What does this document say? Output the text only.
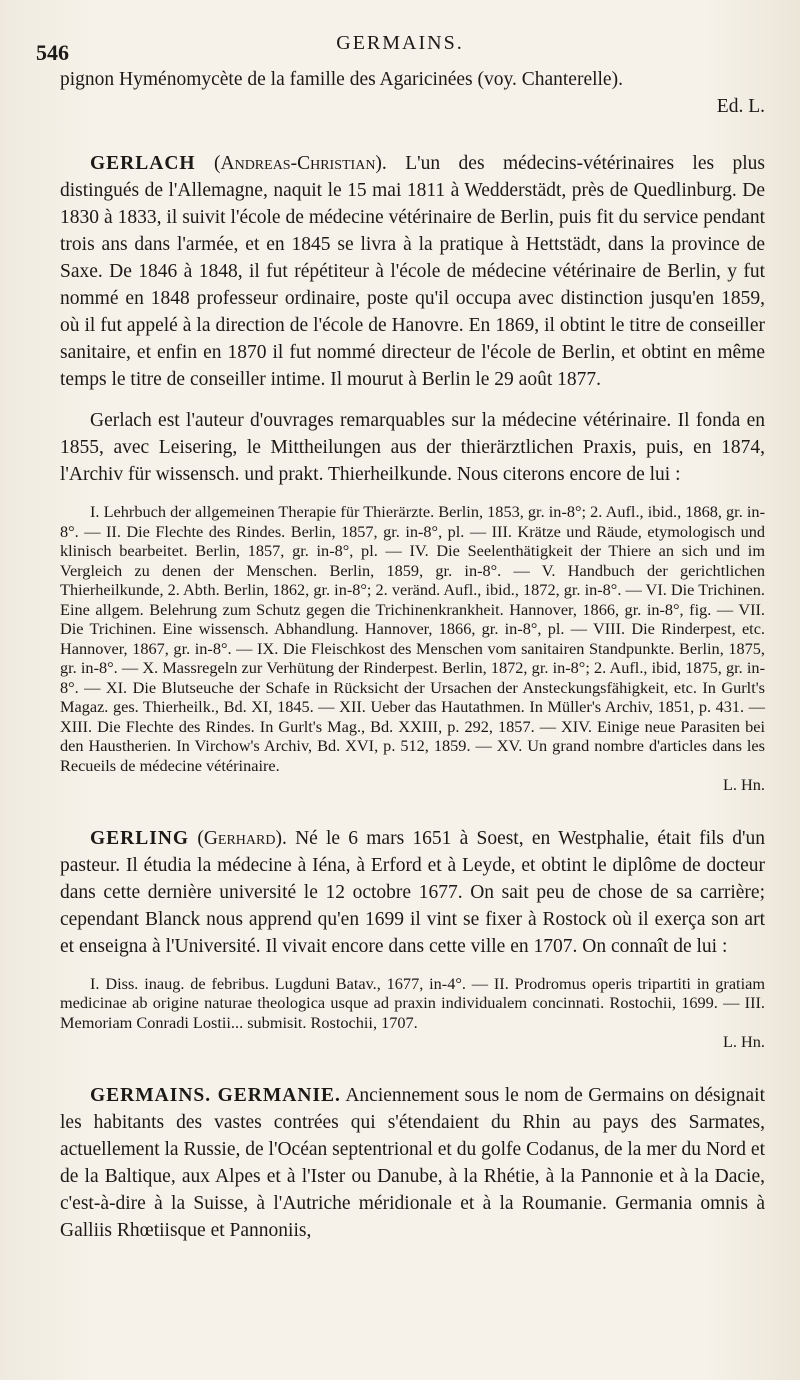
546	GERMAINS.

pignon Hyménomycète de la famille des Agaricinées (voy. Chanterelle).

Ed. L.

GERLACH (Andreas-Christian). L'un des médecins-vétérinaires les plus distingués de l'Allemagne, naquit le 15 mai 1811 à Wedderstädt, près de Quedlinburg. De 1830 à 1833, il suivit l'école de médecine vétérinaire de Berlin, puis fit du service pendant trois ans dans l'armée, et en 1845 se livra à la pratique à Hettstädt, dans la province de Saxe. De 1846 à 1848, il fut répétiteur à l'école de médecine vétérinaire de Berlin, y fut nommé en 1848 professeur ordinaire, poste qu'il occupa avec distinction jusqu'en 1859, où il fut appelé à la direction de l'école de Hanovre. En 1869, il obtint le titre de conseiller sanitaire, et enfin en 1870 il fut nommé directeur de l'école de Berlin, et obtint en même temps le titre de conseiller intime. Il mourut à Berlin le 29 août 1877.

Gerlach est l'auteur d'ouvrages remarquables sur la médecine vétérinaire. Il fonda en 1855, avec Leisering, le Mittheilungen aus der thierärztlichen Praxis, puis, en 1874, l'Archiv für wissensch. und prakt. Thierheilkunde. Nous citerons encore de lui :

I. Lehrbuch der allgemeinen Therapie für Thierärzte. Berlin, 1853, gr. in-8°; 2. Aufl., ibid., 1868, gr. in-8°. — II. Die Flechte des Rindes. Berlin, 1857, gr. in-8°, pl. — III. Krätze und Räude, etymologisch und klinisch bearbeitet. Berlin, 1857, gr. in-8°, pl. — IV. Die Seelenthätigkeit der Thiere an sich und im Vergleich zu denen der Menschen. Berlin, 1859, gr. in-8°. — V. Handbuch der gerichtlichen Thierheilkunde, 2. Abth. Berlin, 1862, gr. in-8°; 2. veränd. Aufl., ibid., 1872, gr. in-8°. — VI. Die Trichinen. Eine allgem. Belehrung zum Schutz gegen die Trichinenkrankheit. Hannover, 1866, gr. in-8°, fig. — VII. Die Trichinen. Eine wissensch. Abhandlung. Hannover, 1866, gr. in-8°, pl. — VIII. Die Rinderpest, etc. Hannover, 1867, gr. in-8°. — IX. Die Fleischkost des Menschen vom sanitairen Standpunkte. Berlin, 1875, gr. in-8°. — X. Massregeln zur Verhütung der Rinderpest. Berlin, 1872, gr. in-8°; 2. Aufl., ibid, 1875, gr. in-8°. — XI. Die Blutseuche der Schafe in Rücksicht der Ursachen der Ansteckungsfähigkeit, etc. In Gurlt's Magaz. ges. Thierheilk., Bd. XI, 1845. — XII. Ueber das Hautathmen. In Müller's Archiv, 1851, p. 431. — XIII. Die Flechte des Rindes. In Gurlt's Mag., Bd. XXIII, p. 292, 1857. — XIV. Einige neue Parasiten bei den Haustherien. In Virchow's Archiv, Bd. XVI, p. 512, 1859. — XV. Un grand nombre d'articles dans les Recueils de médecine vétérinaire.

L. Hn.

GERLING (Gerhard). Né le 6 mars 1651 à Soest, en Westphalie, était fils d'un pasteur. Il étudia la médecine à Iéna, à Erford et à Leyde, et obtint le diplôme de docteur dans cette dernière université le 12 octobre 1677. On sait peu de chose de sa carrière; cependant Blanck nous apprend qu'en 1699 il vint se fixer à Rostock où il exerça son art et enseigna à l'Université. Il vivait encore dans cette ville en 1707. On connaît de lui :

I. Diss. inaug. de febribus. Lugduni Batav., 1677, in-4°. — II. Prodromus operis tripartiti in gratiam medicinae ab origine naturae theologica usque ad praxin individualem concinnati. Rostochii, 1699. — III. Memoriam Conradi Lostii... submisit. Rostochii, 1707.

L. Hn.

GERMAINS. GERMANIE. Anciennement sous le nom de Germains on désignait les habitants des vastes contrées qui s'étendaient du Rhin au pays des Sarmates, actuellement la Russie, de l'Océan septentrional et du golfe Codanus, de la mer du Nord et de la Baltique, aux Alpes et à l'Ister ou Danube, à la Rhétie, à la Pannonie et à la Dacie, c'est-à-dire à la Suisse, à l'Autriche méridionale et à la Roumanie. Germania omnis à Galliis Rhœtiisque et Pannoniis,
